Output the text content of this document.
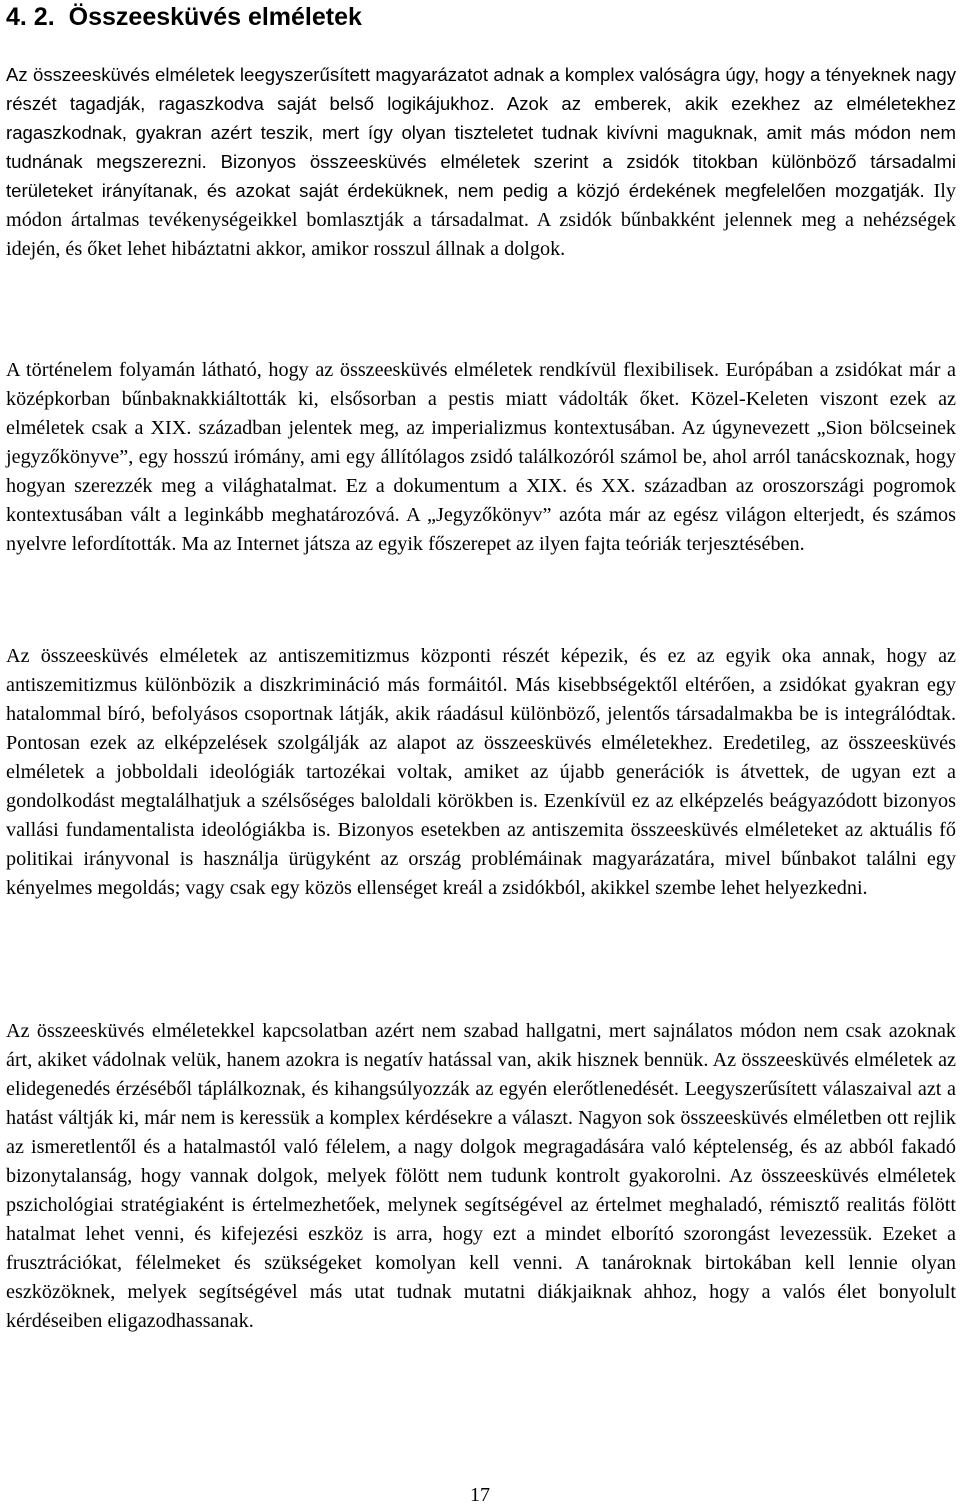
4. 2. Összeesküvés elméletek

Az összeesküvés elméletek leegyszerűsített magyarázatot adnak a komplex valóságra úgy, hogy a tényeknek nagy részét tagadják, ragaszkodva saját belső logikájukhoz. Azok az emberek, akik ezekhez az elméletekhez ragaszkodnak, gyakran azért teszik, mert így olyan tiszteletet tudnak kivívni maguknak, amit más módon nem tudnának megszerezni. Bizonyos összeesküvés elméletek szerint a zsidók titokban különböző társadalmi területeket irányítanak, és azokat saját érdeküknek, nem pedig a közjó érdekének megfelelően mozgatják. Ily módon ártalmas tevékenységeikkel bomlasztják a társadalmat. A zsidók bűnbakként jelennek meg a nehézségek idején, és őket lehet hibáztatni akkor, amikor rosszul állnak a dolgok.

A történelem folyamán látható, hogy az összeesküvés elméletek rendkívül flexibilisek. Európában a zsidókat már a középkorban bűnbaknakkiáltották ki, elsősorban a pestis miatt vádolták őket. Közel-Keleten viszont ezek az elméletek csak a XIX. században jelentek meg, az imperializmus kontextusában. Az úgynevezett „Sion bölcseinek jegyzőkönyve”, egy hosszú irómány, ami egy állítólagos zsidó találkozóról számol be, ahol arról tanácskoznak, hogy hogyan szerezzék meg a világhatalmat. Ez a dokumentum a XIX. és XX. században az oroszországi pogromok kontextusában vált a leginkább meghatározóvá. A „Jegyzőkönyv” azóta már az egész világon elterjedt, és számos nyelvre lefordították. Ma az Internet játsza az egyik főszerepet az ilyen fajta teóriák terjesztésében.

Az összeesküvés elméletek az antiszemitizmus központi részét képezik, és ez az egyik oka annak, hogy az antiszemitizmus különbözik a diszkrimináció más formáitól. Más kisebbségektől eltérően, a zsidókat gyakran egy hatalommal bíró, befolyásos csoportnak látják, akik ráadásul különböző, jelentős társadalmakba be is integrálódtak. Pontosan ezek az elképzelések szolgálják az alapot az összeesküvés elméletekhez. Eredetileg, az összeesküvés elméletek a jobboldali ideológiák tartozékai voltak, amiket az újabb generációk is átvettek, de ugyan ezt a gondolkodást megtalálhatjuk a szélsőséges baloldali körökben is. Ezenkívül ez az elképzelés beágyazódott bizonyos vallási fundamentalista ideológiákba is. Bizonyos esetekben az antiszemita összeesküvés elméleteket az aktuális fő politikai irányvonal is használja ürügyként az ország problémáinak magyarázatára, mivel bűnbakot találni egy kényelmes megoldás; vagy csak egy közös ellenséget kreál a zsidókból, akikkel szembe lehet helyezkedni.

Az összeesküvés elméletekkel kapcsolatban azért nem szabad hallgatni, mert sajnálatos módon nem csak azoknak árt, akiket vádolnak velük, hanem azokra is negatív hatással van, akik hisznek bennük. Az összeesküvés elméletek az elidegenedés érzéséből táplálkoznak, és kihangsúlyozzák az egyén elerőtlenedését. Leegyszerűsített válaszaival azt a hatást váltják ki, már nem is keressük a komplex kérdésekre a választ. Nagyon sok összeesküvés elméletben ott rejlik az ismeretlentől és a hatalmastól való félelem, a nagy dolgok megragadására való képtelenség, és az abból fakadó bizonytalanság, hogy vannak dolgok, melyek fölött nem tudunk kontrolt gyakorolni. Az összeesküvés elméletek pszichológiai stratégiaként is értelmezhetőek, melynek segítségével az értelmet meghaladó, rémisztő realitás fölött hatalmat lehet venni, és kifejezési eszköz is arra, hogy ezt a mindet elborító szorongást levezessük. Ezeket a frusztrációkat, félelmeket és szükségeket komolyan kell venni. A tanároknak birtokában kell lennie olyan eszközöknek, melyek segítségével más utat tudnak mutatni diákjaiknak ahhoz, hogy a valós élet bonyolult kérdéseiben eligazodhassanak.

17
